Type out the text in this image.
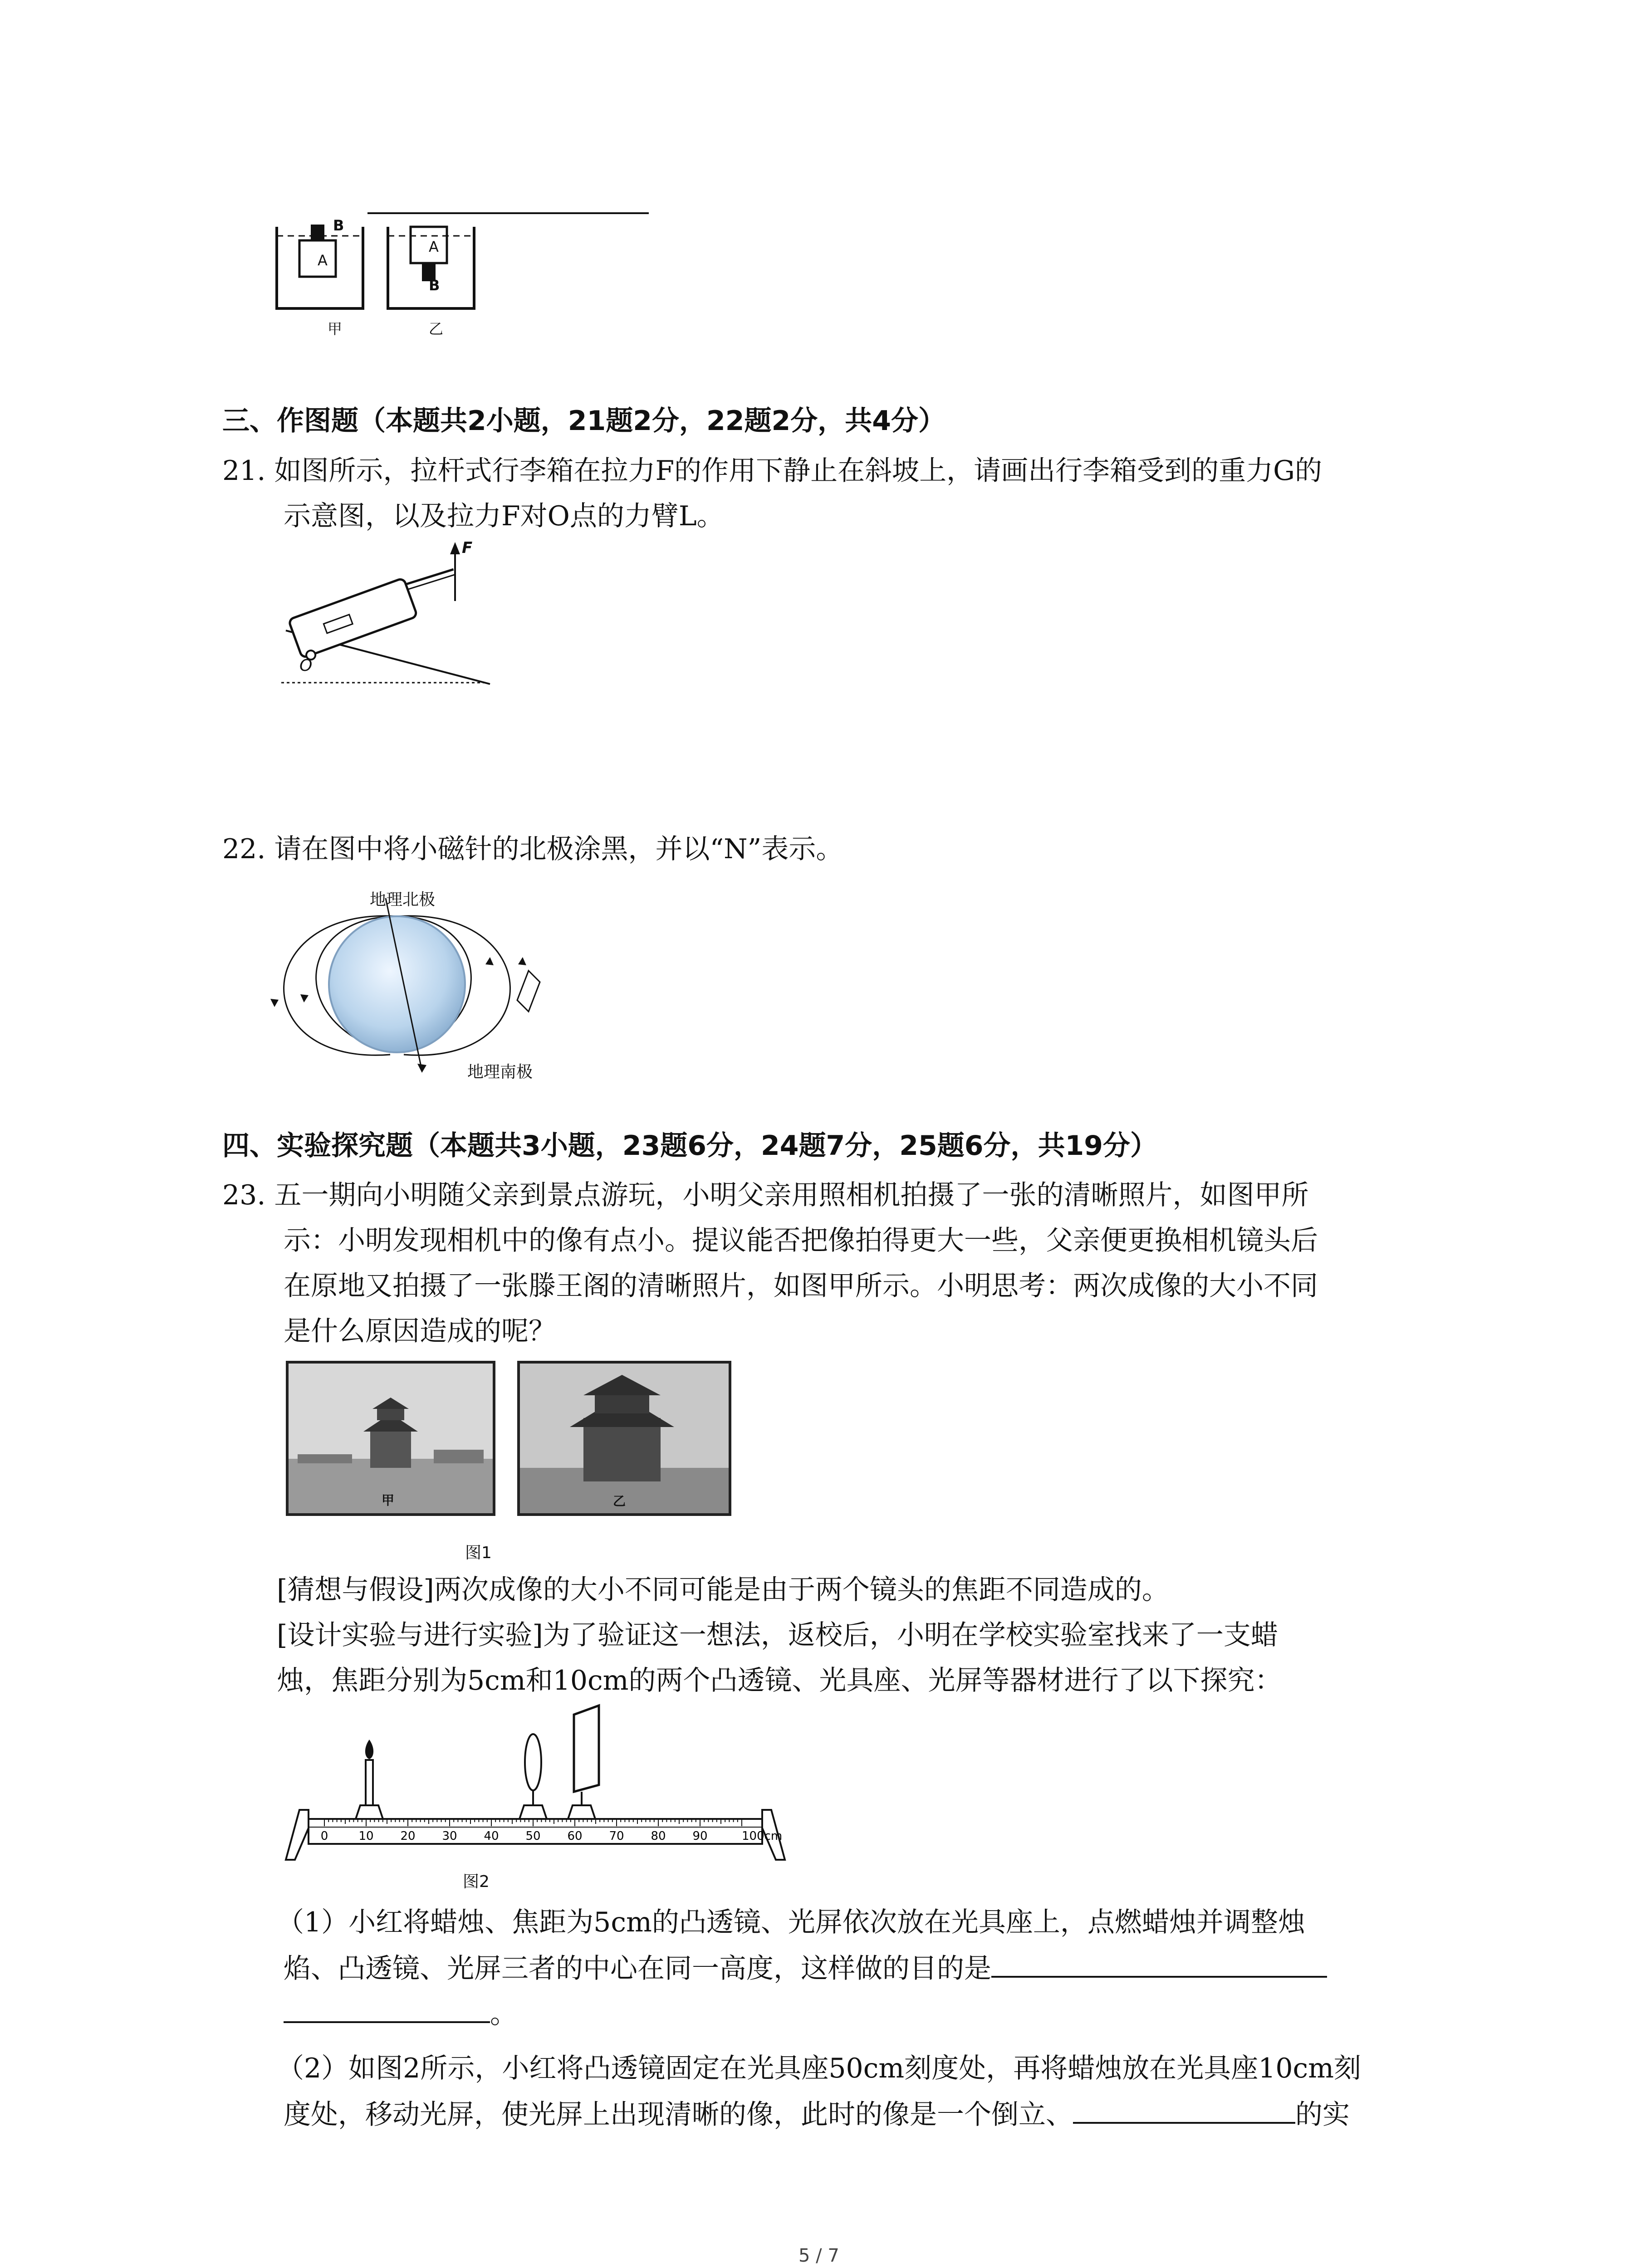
B
A
A
B
甲	乙
三、作图题（本题共2小题，21题2分，22题2分，共4分）
21. 如图所示，拉杆式行李箱在拉力F的作用下静止在斜坡上，请画出行李箱受到的重力G的
示意图，以及拉力F对O点的力臂L。
F
O
22. 请在图中将小磁针的北极涂黑，并以“N”表示。
地理北极
地理南极
四、实验探究题（本题共3小题，23题6分，24题7分，25题6分，共19分）
23. 五一期向小明随父亲到景点游玩，小明父亲用照相机拍摄了一张的清晰照片，如图甲所
示：小明发现相机中的像有点小。提议能否把像拍得更大一些，父亲便更换相机镜头后
在原地又拍摄了一张滕王阁的清晰照片，如图甲所示。小明思考：两次成像的大小不同
是什么原因造成的呢？
甲	乙
图1
[猜想与假设]两次成像的大小不同可能是由于两个镜头的焦距不同造成的。
[设计实验与进行实验]为了验证这一想法，返校后，小明在学校实验室找来了一支蜡
烛，焦距分别为5cm和10cm的两个凸透镜、光具座、光屏等器材进行了以下探究：
0	10 20 30 40 50 60 70 80 90	100cm
图2
（1）小红将蜡烛、焦距为5cm的凸透镜、光屏依次放在光具座上，点燃蜡烛并调整烛
焰、凸透镜、光屏三者的中心在同一高度，这样做的目的是
。
（2）如图2所示，小红将凸透镜固定在光具座50cm刻度处，再将蜡烛放在光具座10cm刻
度处，移动光屏，使光屏上出现清晰的像，此时的像是一个倒立、	的实
5 / 7
